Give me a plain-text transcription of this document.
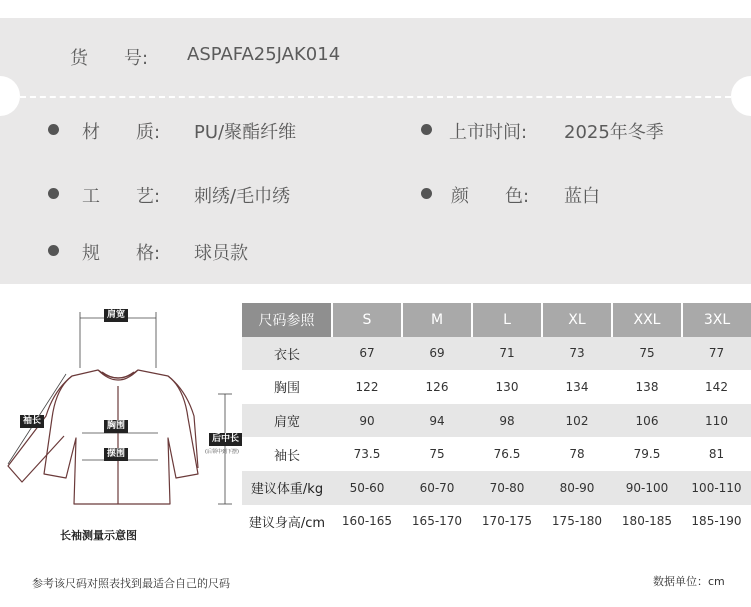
货　　号: ASPAFA25JAK014
材　　质: PU/聚酯纤维	上市时间: 2025年冬季
工　　艺: 刺绣/毛巾绣	颜　　色: 蓝白
规　　格: 球员款
肩宽
袖长	胸围
摆围
后中长
(后领中到下摆)
长袖测量示意图
尺码参照	S	M	L	XL	XXL	3XL
衣长	67	69	71	73	75	77
胸围	122	126	130	134	138	142
肩宽	90	94	98	102	106	110
袖长	73.5	75	76.5	78	79.5	81
建议体重/kg	50-60	60-70	70-80	80-90	90-100	100-110
建议身高/cm	160-165	165-170	170-175	175-180	180-185	185-190
参考该尺码对照表找到最适合自己的尺码	数据单位：cm
